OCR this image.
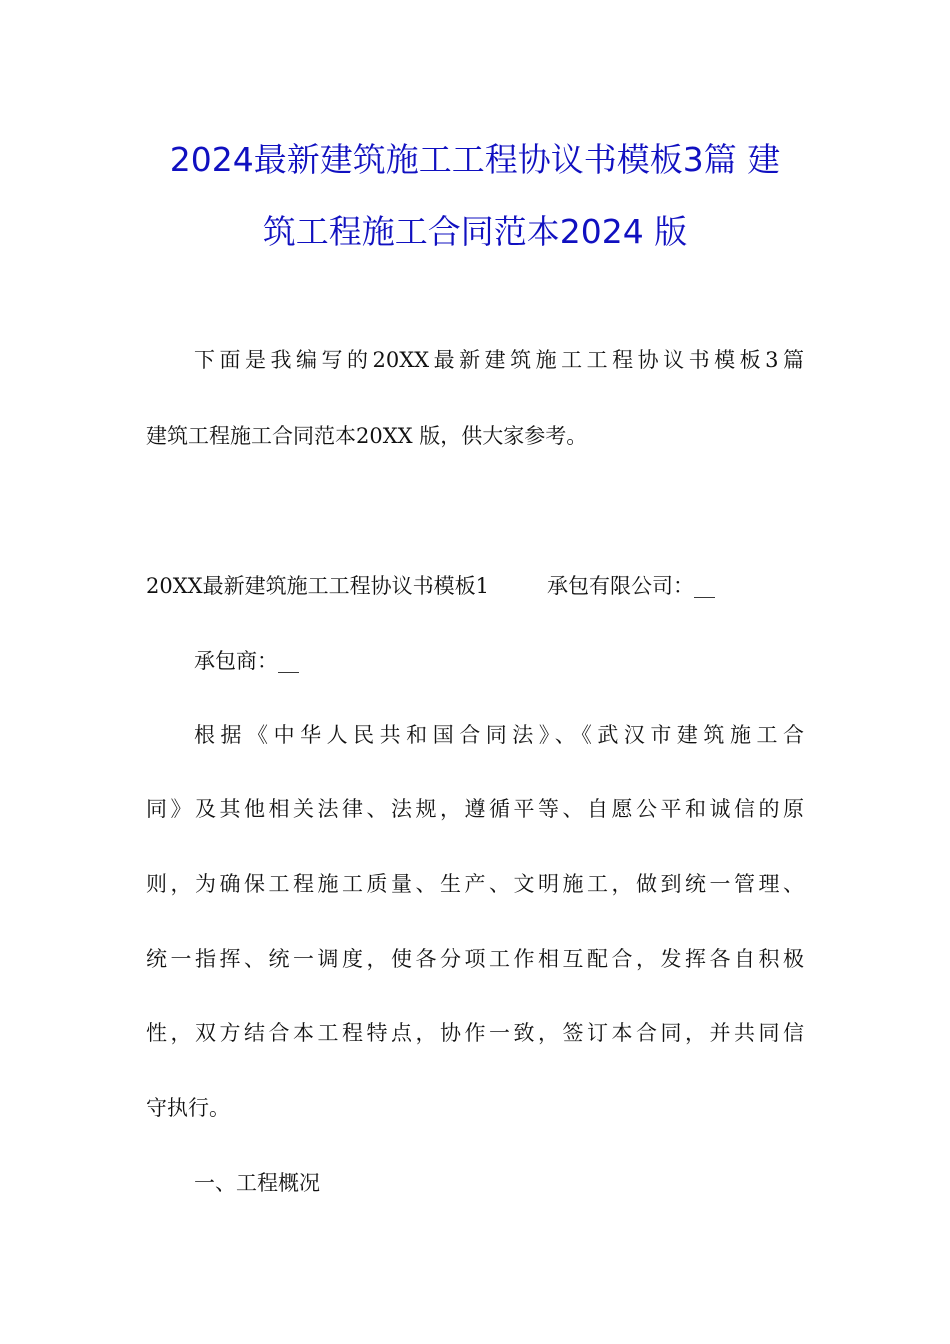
2024最新建筑施工工程协议书模板3篇 建
筑工程施工合同范本2024 版
下面是我编写的20XX最新建筑施工工程协议书模板3篇
建筑工程施工合同范本20XX 版，供大家参考。
20XX最新建筑施工工程协议书模板1	承包有限公司：__
承包商：__
根据《中华人民共和国合同法》、《武汉市建筑施工合
同》及其他相关法律、法规，遵循平等、自愿公平和诚信的原
则，为确保工程施工质量、生产、文明施工，做到统一管理、
统一指挥、统一调度，使各分项工作相互配合，发挥各自积极
性，双方结合本工程特点，协作一致，签订本合同，并共同信
守执行。
一、工程概况
